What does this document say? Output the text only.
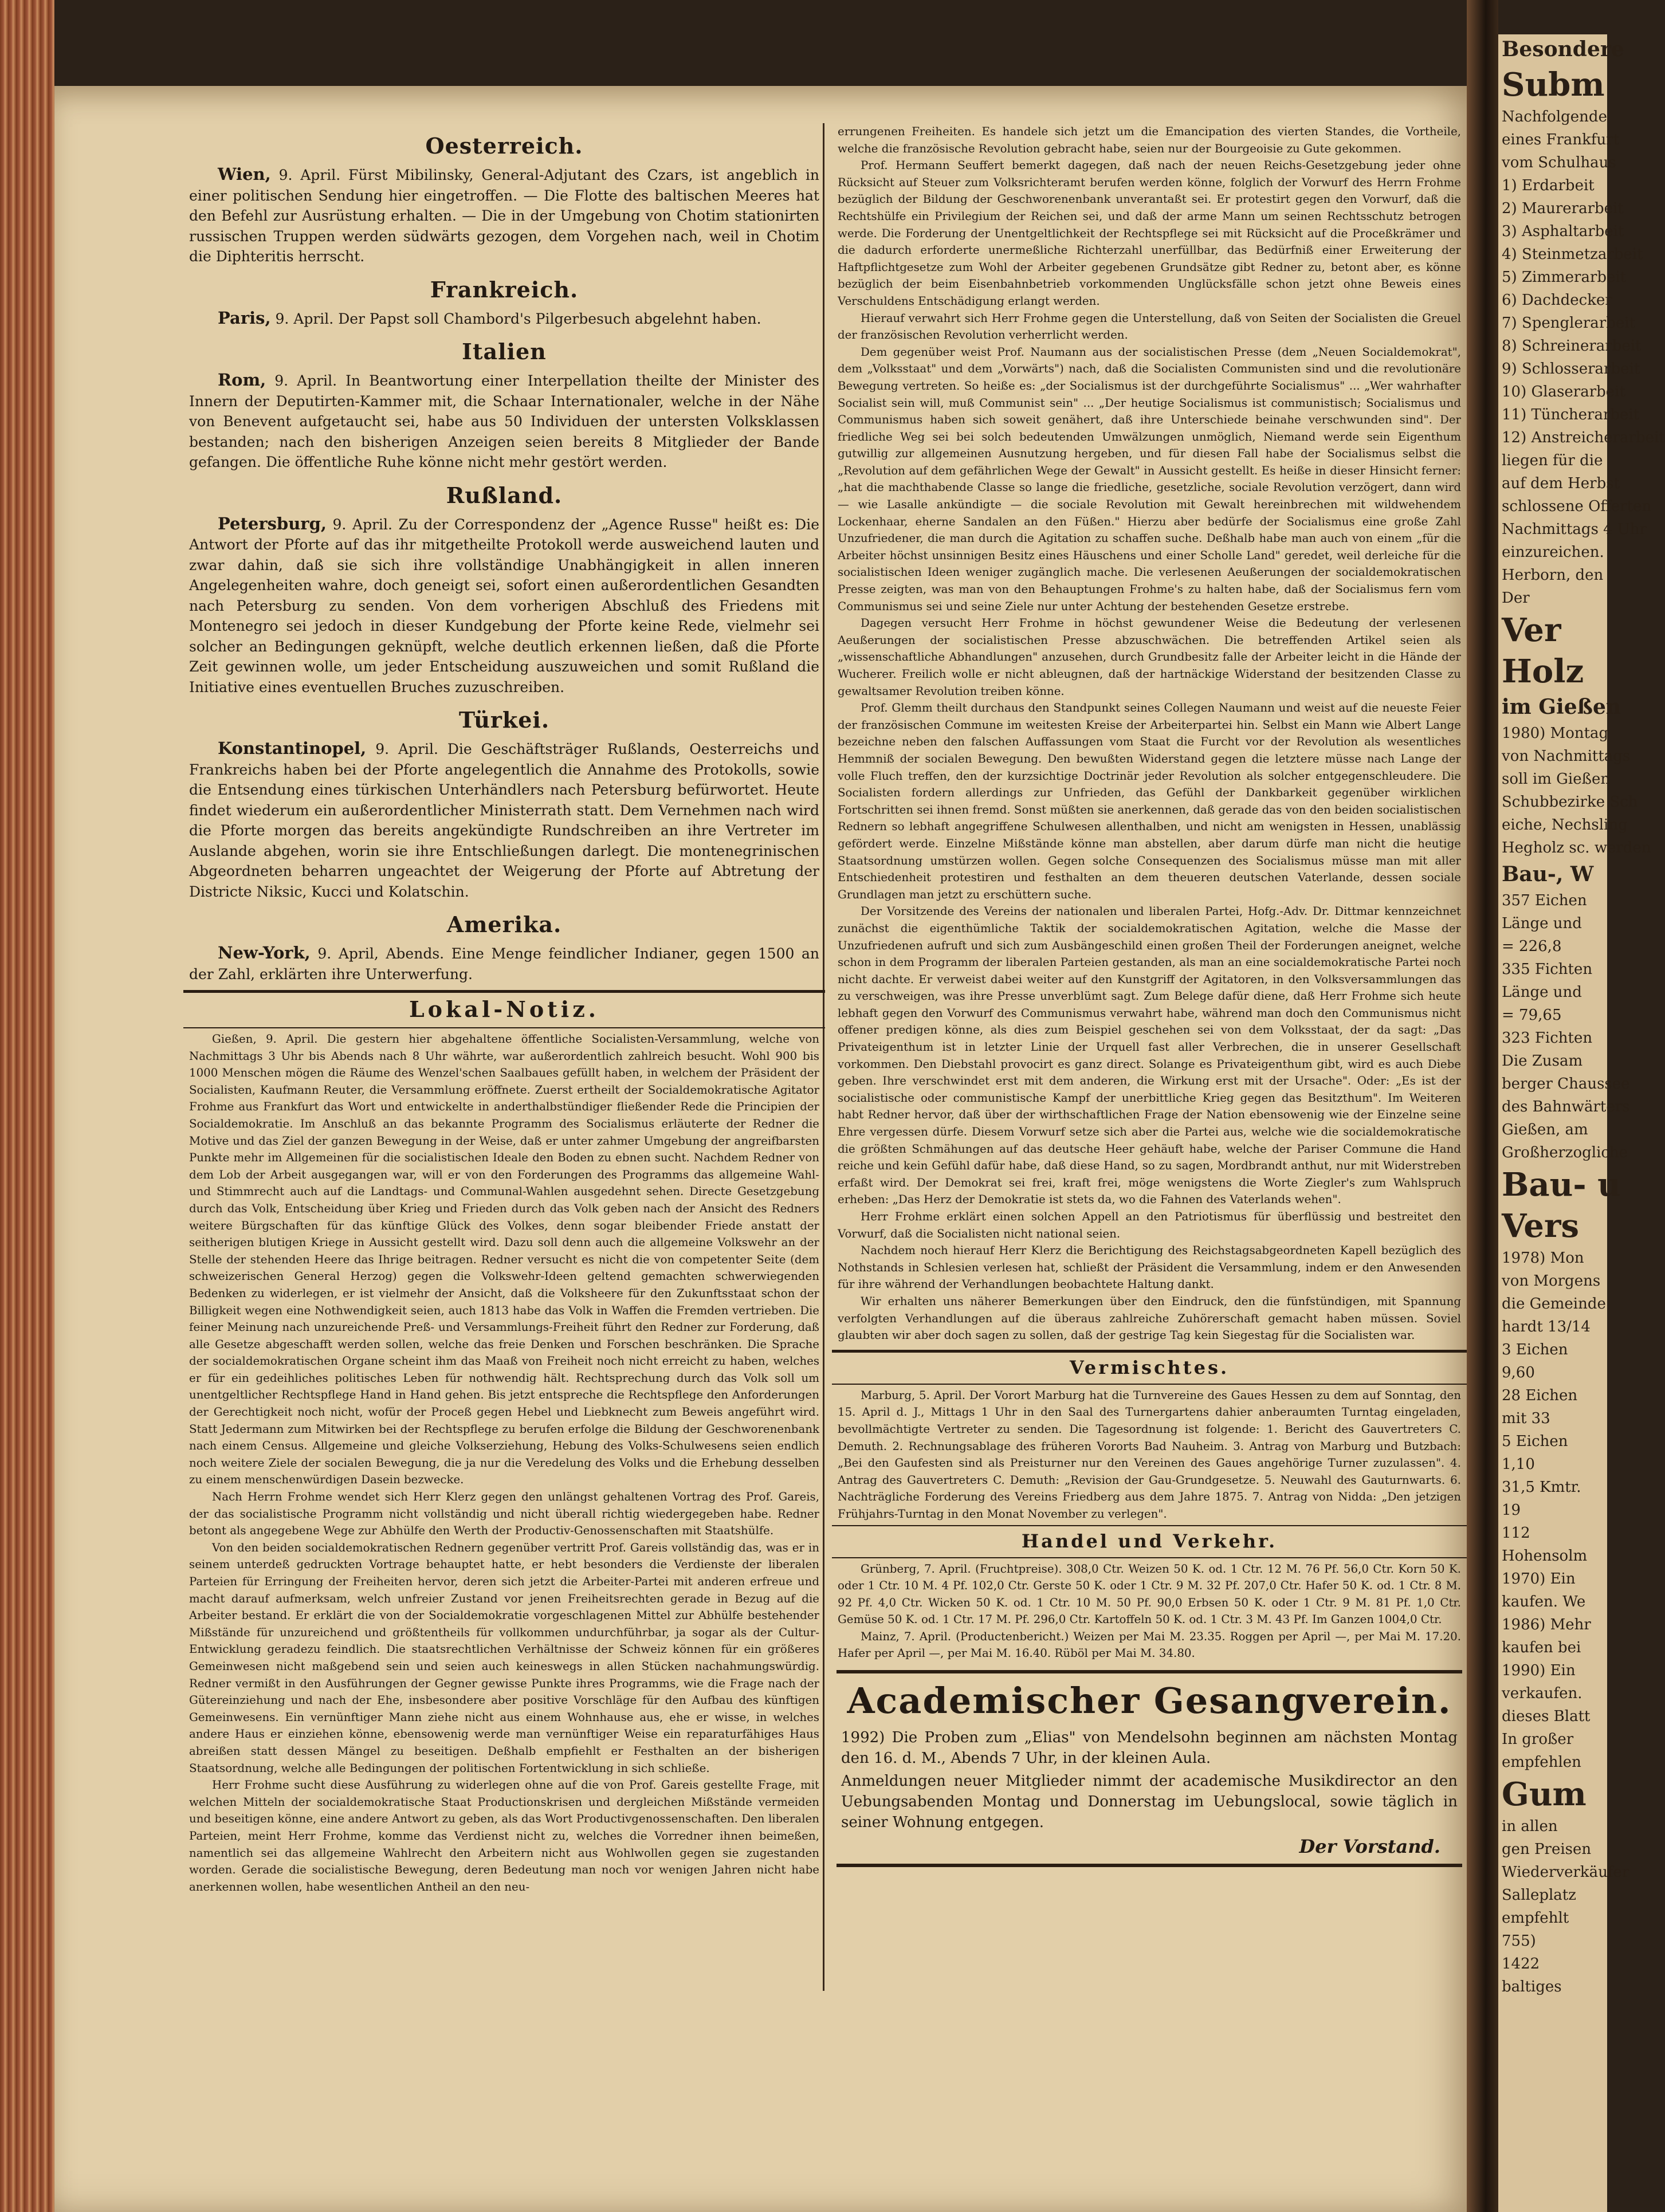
Besondere
Subm
Nachfolgende
eines Frankfurt
vom Schulhaus
1) Erdarbeit
2) Maurerarbeit
3) Asphaltarbeit
4) Steinmetzarbeit
5) Zimmerarbeit
6) Dachdecker
7) Spenglerarbeit
8) Schreinerarbeit
9) Schlosserarbeit
10) Glaserarbeit
11) Tüncherarbeit
12) Anstreicherarbeit
liegen für die
auf dem Herbst
schlossene Offerten
Nachmittags 4 Uhr
einzureichen.
Herborn, den
Der
Ver
Holz
im Gießen
1980) Montag
von Nachmittags
soll im Gießen
Schubbezirke Sch
eiche, Nechsling
Hegholz sc. werden
Bau-, W
357 Eichen
Länge und
= 226,8
335 Fichten
Länge und
= 79,65
323 Fichten
Die Zusam
berger Chaussee
des Bahnwärters
Gießen, am
Großherzogliche
Bau- u
Vers
1978) Mon
von Morgens
die Gemeinde
hardt 13/14
3 Eichen
9,60
28 Eichen
mit 33
5 Eichen
1,10
31,5 Kmtr.
19
112
Hohensolm
1970) Ein
kaufen. We
1986) Mehr
kaufen bei
1990) Ein
verkaufen.
dieses Blatt
In großer
empfehlen
Gum
in allen
gen Preisen
Wiederverkäufer
Salleplatz
empfehlt
755)
1422
baltiges
Oesterreich.

Wien, 9. April. Fürst Mibilinsky, General-Adjutant des Czars, ist angeblich in einer politischen Sendung hier eingetroffen. — Die Flotte des baltischen Meeres hat den Befehl zur Ausrüstung erhalten. — Die in der Umgebung von Chotim stationirten russischen Truppen werden südwärts gezogen, dem Vorgehen nach, weil in Chotim die Diphteritis herrscht.

Frankreich.

Paris, 9. April. Der Papst soll Chambord's Pilgerbesuch abgelehnt haben.

Italien

Rom, 9. April. In Beantwortung einer Interpellation theilte der Minister des Innern der Deputirten-Kammer mit, die Schaar Internationaler, welche in der Nähe von Benevent aufgetaucht sei, habe aus 50 Individuen der untersten Volksklassen bestanden; nach den bisherigen Anzeigen seien bereits 8 Mitglieder der Bande gefangen. Die öffentliche Ruhe könne nicht mehr gestört werden.

Rußland.

Petersburg, 9. April. Zu der Correspondenz der „Agence Russe" heißt es: Die Antwort der Pforte auf das ihr mitgetheilte Protokoll werde ausweichend lauten und zwar dahin, daß sie sich ihre vollständige Unabhängigkeit in allen inneren Angelegenheiten wahre, doch geneigt sei, sofort einen außerordentlichen Gesandten nach Petersburg zu senden. Von dem vorherigen Abschluß des Friedens mit Montenegro sei jedoch in dieser Kundgebung der Pforte keine Rede, vielmehr sei solcher an Bedingungen geknüpft, welche deutlich erkennen ließen, daß die Pforte Zeit gewinnen wolle, um jeder Entscheidung auszuweichen und somit Rußland die Initiative eines eventuellen Bruches zuzuschreiben.

Türkei.

Konstantinopel, 9. April. Die Geschäftsträger Rußlands, Oesterreichs und Frankreichs haben bei der Pforte angelegentlich die Annahme des Protokolls, sowie die Entsendung eines türkischen Unterhändlers nach Petersburg befürwortet. Heute findet wiederum ein außerordentlicher Ministerrath statt. Dem Vernehmen nach wird die Pforte morgen das bereits angekündigte Rundschreiben an ihre Vertreter im Auslande abgehen, worin sie ihre Entschließungen darlegt. Die montenegrinischen Abgeordneten beharren ungeachtet der Weigerung der Pforte auf Abtretung der Districte Niksic, Kucci und Kolatschin.

Amerika.

New-York, 9. April, Abends. Eine Menge feindlicher Indianer, gegen 1500 an der Zahl, erklärten ihre Unterwerfung.

Lokal-Notiz.

Gießen, 9. April. Die gestern hier abgehaltene öffentliche Socialisten-Versammlung, welche von Nachmittags 3 Uhr bis Abends nach 8 Uhr währte, war außerordentlich zahlreich besucht. Wohl 900 bis 1000 Menschen mögen die Räume des Wenzel'schen Saalbaues gefüllt haben, in welchem der Präsident der Socialisten, Kaufmann Reuter, die Versammlung eröffnete. Zuerst ertheilt der Socialdemokratische Agitator Frohme aus Frankfurt das Wort und entwickelte in anderthalbstündiger fließender Rede die Principien der Socialdemokratie. Im Anschluß an das bekannte Programm des Socialismus erläuterte der Redner die Motive und das Ziel der ganzen Bewegung in der Weise, daß er unter zahmer Umgebung der angreifbarsten Punkte mehr im Allgemeinen für die socialistischen Ideale den Boden zu ebnen sucht. Nachdem Redner von dem Lob der Arbeit ausgegangen war, will er von den Forderungen des Programms das allgemeine Wahl- und Stimmrecht auch auf die Landtags- und Communal-Wahlen ausgedehnt sehen. Directe Gesetzgebung durch das Volk, Entscheidung über Krieg und Frieden durch das Volk geben nach der Ansicht des Redners weitere Bürgschaften für das künftige Glück des Volkes, denn sogar bleibender Friede anstatt der seitherigen blutigen Kriege in Aussicht gestellt wird. Dazu soll denn auch die allgemeine Volkswehr an der Stelle der stehenden Heere das Ihrige beitragen. Redner versucht es nicht die von competenter Seite (dem schweizerischen General Herzog) gegen die Volkswehr-Ideen geltend gemachten schwerwiegenden Bedenken zu widerlegen, er ist vielmehr der Ansicht, daß die Volksheere für den Zukunftsstaat schon der Billigkeit wegen eine Nothwendigkeit seien, auch 1813 habe das Volk in Waffen die Fremden vertrieben. Die feiner Meinung nach unzureichende Preß- und Versammlungs-Freiheit führt den Redner zur Forderung, daß alle Gesetze abgeschafft werden sollen, welche das freie Denken und Forschen beschränken. Die Sprache der socialdemokratischen Organe scheint ihm das Maaß von Freiheit noch nicht erreicht zu haben, welches er für ein gedeihliches politisches Leben für nothwendig hält. Rechtsprechung durch das Volk soll um unentgeltlicher Rechtspflege Hand in Hand gehen. Bis jetzt entspreche die Rechtspflege den Anforderungen der Gerechtigkeit noch nicht, wofür der Proceß gegen Hebel und Liebknecht zum Beweis angeführt wird. Statt Jedermann zum Mitwirken bei der Rechtspflege zu berufen erfolge die Bildung der Geschworenenbank nach einem Census. Allgemeine und gleiche Volkserziehung, Hebung des Volks-Schulwesens seien endlich noch weitere Ziele der socialen Bewegung, die ja nur die Veredelung des Volks und die Erhebung desselben zu einem menschenwürdigen Dasein bezwecke.

Nach Herrn Frohme wendet sich Herr Klerz gegen den unlängst gehaltenen Vortrag des Prof. Gareis, der das socialistische Programm nicht vollständig und nicht überall richtig wiedergegeben habe. Redner betont als angegebene Wege zur Abhülfe den Werth der Productiv-Genossenschaften mit Staatshülfe.

Von den beiden socialdemokratischen Rednern gegenüber vertritt Prof. Gareis vollständig das, was er in seinem unterdeß gedruckten Vortrage behauptet hatte, er hebt besonders die Verdienste der liberalen Parteien für Erringung der Freiheiten hervor, deren sich jetzt die Arbeiter-Partei mit anderen erfreue und macht darauf aufmerksam, welch unfreier Zustand vor jenen Freiheitsrechten gerade in Bezug auf die Arbeiter bestand. Er erklärt die von der Socialdemokratie vorgeschlagenen Mittel zur Abhülfe bestehender Mißstände für unzureichend und größtentheils für vollkommen undurchführbar, ja sogar als der Cultur-Entwicklung geradezu feindlich. Die staatsrechtlichen Verhältnisse der Schweiz können für ein größeres Gemeinwesen nicht maßgebend sein und seien auch keineswegs in allen Stücken nachahmungswürdig. Redner vermißt in den Ausführungen der Gegner gewisse Punkte ihres Programms, wie die Frage nach der Gütereinziehung und nach der Ehe, insbesondere aber positive Vorschläge für den Aufbau des künftigen Gemeinwesens. Ein vernünftiger Mann ziehe nicht aus einem Wohnhause aus, ehe er wisse, in welches andere Haus er einziehen könne, ebensowenig werde man vernünftiger Weise ein reparaturfähiges Haus abreißen statt dessen Mängel zu beseitigen. Deßhalb empfiehlt er Festhalten an der bisherigen Staatsordnung, welche alle Bedingungen der politischen Fortentwicklung in sich schließe.

Herr Frohme sucht diese Ausführung zu widerlegen ohne auf die von Prof. Gareis gestellte Frage, mit welchen Mitteln der socialdemokratische Staat Productionskrisen und dergleichen Mißstände vermeiden und beseitigen könne, eine andere Antwort zu geben, als das Wort Productivgenossenschaften. Den liberalen Parteien, meint Herr Frohme, komme das Verdienst nicht zu, welches die Vorredner ihnen beimeßen, namentlich sei das allgemeine Wahlrecht den Arbeitern nicht aus Wohlwollen gegen sie zugestanden worden. Gerade die socialistische Bewegung, deren Bedeutung man noch vor wenigen Jahren nicht habe anerkennen wollen, habe wesentlichen Antheil an den neu-

errungenen Freiheiten. Es handele sich jetzt um die Emancipation des vierten Standes, die Vortheile, welche die französische Revolution gebracht habe, seien nur der Bourgeoisie zu Gute gekommen.

Prof. Hermann Seuffert bemerkt dagegen, daß nach der neuen Reichs-Gesetzgebung jeder ohne Rücksicht auf Steuer zum Volksrichteramt berufen werden könne, folglich der Vorwurf des Herrn Frohme bezüglich der Bildung der Geschworenenbank unverantaßt sei. Er protestirt gegen den Vorwurf, daß die Rechtshülfe ein Privilegium der Reichen sei, und daß der arme Mann um seinen Rechtsschutz betrogen werde. Die Forderung der Unentgeltlichkeit der Rechtspflege sei mit Rücksicht auf die Proceßkrämer und die dadurch erforderte unermeßliche Richterzahl unerfüllbar, das Bedürfniß einer Erweiterung der Haftpflichtgesetze zum Wohl der Arbeiter gegebenen Grundsätze gibt Redner zu, betont aber, es könne bezüglich der beim Eisenbahnbetrieb vorkommenden Unglücksfälle schon jetzt ohne Beweis eines Verschuldens Entschädigung erlangt werden.

Hierauf verwahrt sich Herr Frohme gegen die Unterstellung, daß von Seiten der Socialisten die Greuel der französischen Revolution verherrlicht werden.

Dem gegenüber weist Prof. Naumann aus der socialistischen Presse (dem „Neuen Socialdemokrat", dem „Volksstaat" und dem „Vorwärts") nach, daß die Socialisten Communisten sind und die revolutionäre Bewegung vertreten. So heiße es: „der Socialismus ist der durchgeführte Socialismus" ... „Wer wahrhafter Socialist sein will, muß Communist sein" ... „Der heutige Socialismus ist communistisch; Socialismus und Communismus haben sich soweit genähert, daß ihre Unterschiede beinahe verschwunden sind". Der friedliche Weg sei bei solch bedeutenden Umwälzungen unmöglich, Niemand werde sein Eigenthum gutwillig zur allgemeinen Ausnutzung hergeben, und für diesen Fall habe der Socialismus selbst die „Revolution auf dem gefährlichen Wege der Gewalt" in Aussicht gestellt. Es heiße in dieser Hinsicht ferner: „hat die machthabende Classe so lange die friedliche, gesetzliche, sociale Revolution verzögert, dann wird — wie Lasalle ankündigte — die sociale Revolution mit Gewalt hereinbrechen mit wildwehendem Lockenhaar, eherne Sandalen an den Füßen." Hierzu aber bedürfe der Socialismus eine große Zahl Unzufriedener, die man durch die Agitation zu schaffen suche. Deßhalb habe man auch von einem „für die Arbeiter höchst unsinnigen Besitz eines Häuschens und einer Scholle Land" geredet, weil derleiche für die socialistischen Ideen weniger zugänglich mache. Die verlesenen Aeußerungen der socialdemokratischen Presse zeigten, was man von den Behauptungen Frohme's zu halten habe, daß der Socialismus fern vom Communismus sei und seine Ziele nur unter Achtung der bestehenden Gesetze erstrebe.

Dagegen versucht Herr Frohme in höchst gewundener Weise die Bedeutung der verlesenen Aeußerungen der socialistischen Presse abzuschwächen. Die betreffenden Artikel seien als „wissenschaftliche Abhandlungen" anzusehen, durch Grundbesitz falle der Arbeiter leicht in die Hände der Wucherer. Freilich wolle er nicht ableugnen, daß der hartnäckige Widerstand der besitzenden Classe zu gewaltsamer Revolution treiben könne.

Prof. Glemm theilt durchaus den Standpunkt seines Collegen Naumann und weist auf die neueste Feier der französischen Commune im weitesten Kreise der Arbeiterpartei hin. Selbst ein Mann wie Albert Lange bezeichne neben den falschen Auffassungen vom Staat die Furcht vor der Revolution als wesentliches Hemmniß der socialen Bewegung. Den bewußten Widerstand gegen die letztere müsse nach Lange der volle Fluch treffen, den der kurzsichtige Doctrinär jeder Revolution als solcher entgegenschleudere. Die Socialisten fordern allerdings zur Unfrieden, das Gefühl der Dankbarkeit gegenüber wirklichen Fortschritten sei ihnen fremd. Sonst müßten sie anerkennen, daß gerade das von den beiden socialistischen Rednern so lebhaft angegriffene Schulwesen allenthalben, und nicht am wenigsten in Hessen, unablässig gefördert werde. Einzelne Mißstände könne man abstellen, aber darum dürfe man nicht die heutige Staatsordnung umstürzen wollen. Gegen solche Consequenzen des Socialismus müsse man mit aller Entschiedenheit protestiren und festhalten an dem theueren deutschen Vaterlande, dessen sociale Grundlagen man jetzt zu erschüttern suche.

Der Vorsitzende des Vereins der nationalen und liberalen Partei, Hofg.-Adv. Dr. Dittmar kennzeichnet zunächst die eigenthümliche Taktik der socialdemokratischen Agitation, welche die Masse der Unzufriedenen aufruft und sich zum Ausbängeschild einen großen Theil der Forderungen aneignet, welche schon in dem Programm der liberalen Parteien gestanden, als man an eine socialdemokratische Partei noch nicht dachte. Er verweist dabei weiter auf den Kunstgriff der Agitatoren, in den Volksversammlungen das zu verschweigen, was ihre Presse unverblümt sagt. Zum Belege dafür diene, daß Herr Frohme sich heute lebhaft gegen den Vorwurf des Communismus verwahrt habe, während man doch den Communismus nicht offener predigen könne, als dies zum Beispiel geschehen sei von dem Volksstaat, der da sagt: „Das Privateigenthum ist in letzter Linie der Urquell fast aller Verbrechen, die in unserer Gesellschaft vorkommen. Den Diebstahl provocirt es ganz direct. Solange es Privateigenthum gibt, wird es auch Diebe geben. Ihre verschwindet erst mit dem anderen, die Wirkung erst mit der Ursache". Oder: „Es ist der socialistische oder communistische Kampf der unerbittliche Krieg gegen das Besitzthum". Im Weiteren habt Redner hervor, daß über der wirthschaftlichen Frage der Nation ebensowenig wie der Einzelne seine Ehre vergessen dürfe. Diesem Vorwurf setze sich aber die Partei aus, welche wie die socialdemokratische die größten Schmähungen auf das deutsche Heer gehäuft habe, welche der Pariser Commune die Hand reiche und kein Gefühl dafür habe, daß diese Hand, so zu sagen, Mordbrandt anthut, nur mit Widerstreben erfaßt wird. Der Demokrat sei frei, kraft frei, möge wenigstens die Worte Ziegler's zum Wahlspruch erheben: „Das Herz der Demokratie ist stets da, wo die Fahnen des Vaterlands wehen".

Herr Frohme erklärt einen solchen Appell an den Patriotismus für überflüssig und bestreitet den Vorwurf, daß die Socialisten nicht national seien.

Nachdem noch hierauf Herr Klerz die Berichtigung des Reichstagsabgeordneten Kapell bezüglich des Nothstands in Schlesien verlesen hat, schließt der Präsident die Versammlung, indem er den Anwesenden für ihre während der Verhandlungen beobachtete Haltung dankt.

Wir erhalten uns näherer Bemerkungen über den Eindruck, den die fünfstündigen, mit Spannung verfolgten Verhandlungen auf die überaus zahlreiche Zuhörerschaft gemacht haben müssen. Soviel glaubten wir aber doch sagen zu sollen, daß der gestrige Tag kein Siegestag für die Socialisten war.

Vermischtes.

Marburg, 5. April. Der Vorort Marburg hat die Turnvereine des Gaues Hessen zu dem auf Sonntag, den 15. April d. J., Mittags 1 Uhr in den Saal des Turnergartens dahier anberaumten Turntag eingeladen, bevollmächtigte Vertreter zu senden. Die Tagesordnung ist folgende: 1. Bericht des Gauvertreters C. Demuth. 2. Rechnungsablage des früheren Vororts Bad Nauheim. 3. Antrag von Marburg und Butzbach: „Bei den Gaufesten sind als Preisturner nur den Vereinen des Gaues angehörige Turner zuzulassen". 4. Antrag des Gauvertreters C. Demuth: „Revision der Gau-Grundgesetze. 5. Neuwahl des Gauturnwarts. 6. Nachträgliche Forderung des Vereins Friedberg aus dem Jahre 1875. 7. Antrag von Nidda: „Den jetzigen Frühjahrs-Turntag in den Monat November zu verlegen".

Handel und Verkehr.

Grünberg, 7. April. (Fruchtpreise). 308,0 Ctr. Weizen 50 K. od. 1 Ctr. 12 M. 76 Pf. 56,0 Ctr. Korn 50 K. oder 1 Ctr. 10 M. 4 Pf. 102,0 Ctr. Gerste 50 K. oder 1 Ctr. 9 M. 32 Pf. 207,0 Ctr. Hafer 50 K. od. 1 Ctr. 8 M. 92 Pf. 4,0 Ctr. Wicken 50 K. od. 1 Ctr. 10 M. 50 Pf. 90,0 Erbsen 50 K. oder 1 Ctr. 9 M. 81 Pf. 1,0 Ctr. Gemüse 50 K. od. 1 Ctr. 17 M. Pf. 296,0 Ctr. Kartoffeln 50 K. od. 1 Ctr. 3 M. 43 Pf. Im Ganzen 1004,0 Ctr.

Mainz, 7. April. (Productenbericht.) Weizen per Mai M. 23.35. Roggen per April —, per Mai M. 17.20. Hafer per April —, per Mai M. 16.40. Rüböl per Mai M. 34.80.

Academischer Gesangverein.

1992) Die Proben zum „Elias" von Mendelsohn beginnen am nächsten Montag den 16. d. M., Abends 7 Uhr, in der kleinen Aula.

Anmeldungen neuer Mitglieder nimmt der academische Musikdirector an den Uebungsabenden Montag und Donnerstag im Uebungslocal, sowie täglich in seiner Wohnung entgegen.

Der Vorstand.
